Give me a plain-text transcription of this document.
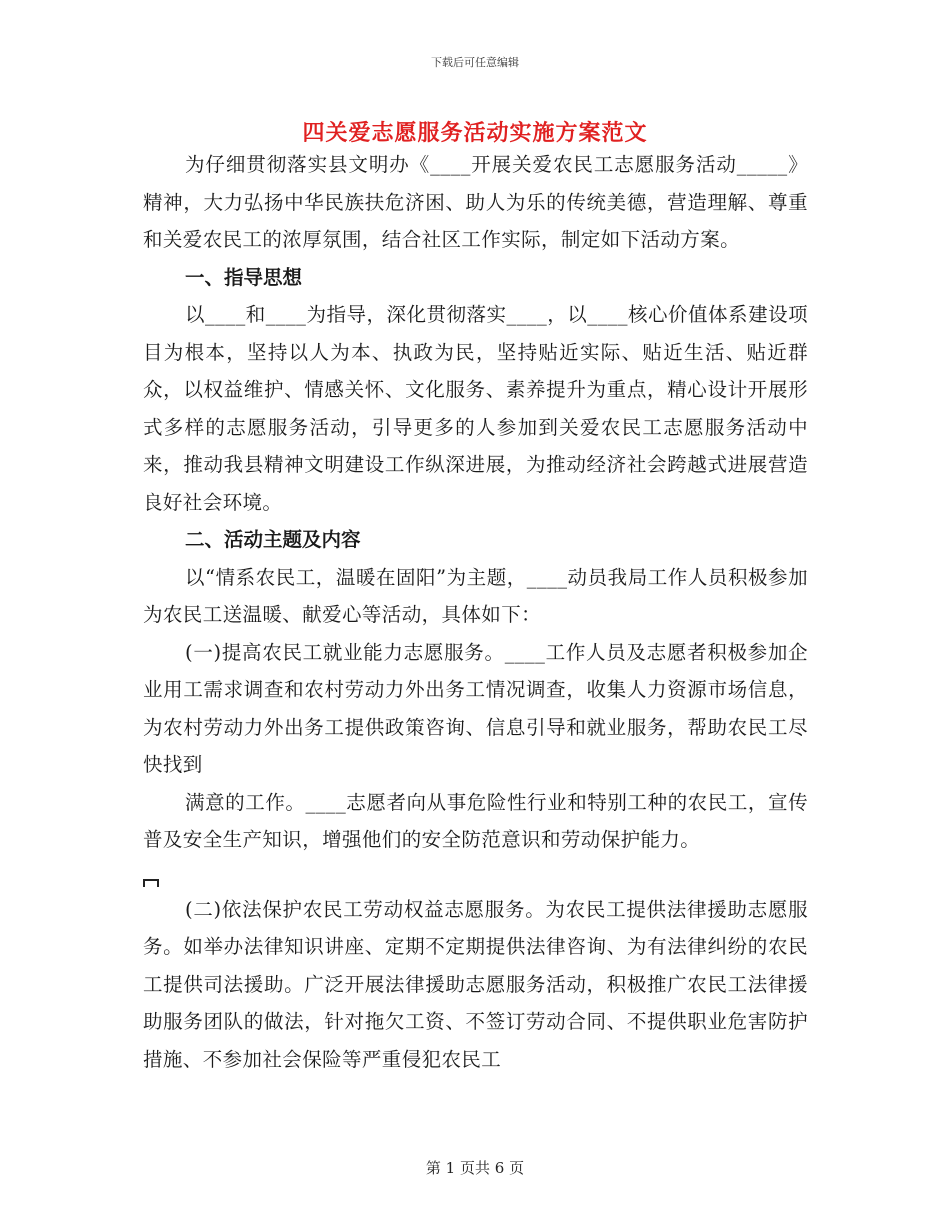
下载后可任意编辑
四关爱志愿服务活动实施方案范文

为仔细贯彻落实县文明办《____开展关爱农民工志愿服务活动_____》精神，大力弘扬中华民族扶危济困、助人为乐的传统美德，营造理解、尊重和关爱农民工的浓厚氛围，结合社区工作实际，制定如下活动方案。

一、指导思想

以____和____为指导，深化贯彻落实____，以____核心价值体系建设项目为根本，坚持以人为本、执政为民，坚持贴近实际、贴近生活、贴近群众，以权益维护、情感关怀、文化服务、素养提升为重点，精心设计开展形式多样的志愿服务活动，引导更多的人参加到关爱农民工志愿服务活动中来，推动我县精神文明建设工作纵深进展，为推动经济社会跨越式进展营造良好社会环境。

二、活动主题及内容

以“情系农民工，温暖在固阳”为主题，____动员我局工作人员积极参加为农民工送温暖、献爱心等活动，具体如下：

(一)提高农民工就业能力志愿服务。____工作人员及志愿者积极参加企业用工需求调查和农村劳动力外出务工情况调查，收集人力资源市场信息，为农村劳动力外出务工提供政策咨询、信息引导和就业服务，帮助农民工尽快找到

满意的工作。____志愿者向从事危险性行业和特别工种的农民工，宣传普及安全生产知识，增强他们的安全防范意识和劳动保护能力。

(二)依法保护农民工劳动权益志愿服务。为农民工提供法律援助志愿服务。如举办法律知识讲座、定期不定期提供法律咨询、为有法律纠纷的农民工提供司法援助。广泛开展法律援助志愿服务活动，积极推广农民工法律援助服务团队的做法，针对拖欠工资、不签订劳动合同、不提供职业危害防护措施、不参加社会保险等严重侵犯农民工

第 1 页共 6 页
